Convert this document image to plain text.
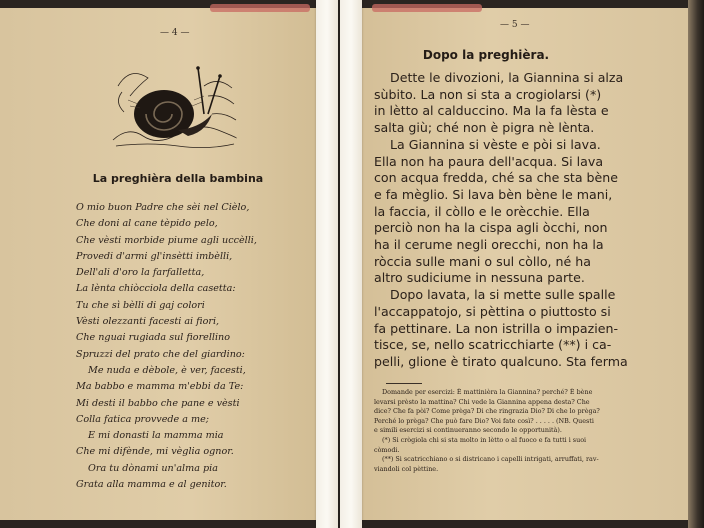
— 4 —
La preghièra della bambina
O mio buon Padre che sèi nel Cièlo,
Che doni al cane tèpido pelo,
Che vèsti morbide piume agli uccèlli,
Provedi d'armi gl'insètti imbèlli,
Dell'ali d'oro la farfalletta,
La lènta chiòcciola della casetta:
Tu che sì bèlli di gaj colori
Vèsti olezzanti facesti ai fiori,
Che nguai rugiada sul fiorellino
Spruzzi del prato che del giardino:
Me nuda e dèbole, è ver, facesti,
Ma babbo e mamma m'ebbi da Te:
Mi desti il babbo che pane e vèsti
Colla fatica provvede a me;
E mi donasti la mamma mia
Che mi difènde, mi vèglia ognor.
Ora tu dònami un'alma pia
Grata alla mamma e al genitor.
— 5 —
Dopo la preghièra.
Dette le divozioni, la Giannina si alza
sùbito. La non si sta a crogiolarsi (*)
in lètto al calduccino. Ma la fa lèsta e
salta giù; ché non è pigra nè lènta.
La Giannina si vèste e pòi si lava.
Ella non ha paura dell'acqua. Si lava
con acqua fredda, ché sa che sta bène
e fa mèglio. Si lava bèn bène le mani,
la faccia, il còllo e le orècchie. Ella
perciò non ha la cispa agli òcchi, non
ha il cerume negli orecchi, non ha la
ròccia sulle mani o sul còllo, né ha
altro sudiciume in nessuna parte.
Dopo lavata, la si mette sulle spalle
l'accappatojo, si pèttina o piuttosto si
fa pettinare. La non istrilla o impazien-
tisce, se, nello scatricchiarte (**) i ca-
pelli, glione è tirato qualcuno. Sta ferma
Domande per esercizi: È mattinièra la Giannina? perché? È bène
levarsi prèsto la mattina? Chi vede la Giannina appena desta? Che
dice? Che fa pòi? Come prèga? Di che ringrazia Dio? Di che lo prèga?
Perché lo prèga? Che può fare Dio? Voi fate così? . . . . . (NB. Questi
e simili esercizi si continueranno secondo le opportunità).
(*) Si crògiola chi si sta molto in lètto o al fuoco e fa tutti i suoi
còmodi.
(**) Si scatricchiano o si districano i capelli intrigati, arruffati, rav-
viandoli col pèttine.
